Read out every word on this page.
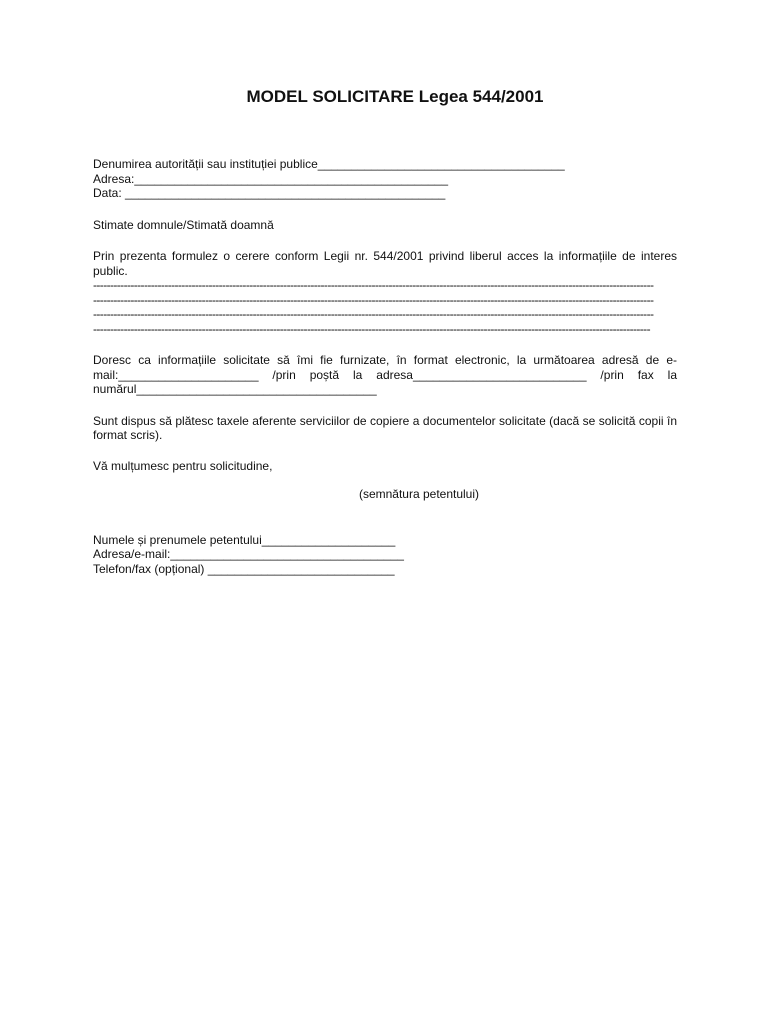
MODEL SOLICITARE Legea 544/2001
Denumirea autorității sau instituției publice_____________________________________
Adresa:_______________________________________________
Data: ________________________________________________
Stimate domnule/Stimată doamnă
Prin prezenta formulez o cerere conform Legii nr. 544/2001 privind liberul acces la informațiile de interes public.
---------------------------------------------------------------------------------------------------------------------------------------------------------------------
---------------------------------------------------------------------------------------------------------------------------------------------------------------------
---------------------------------------------------------------------------------------------------------------------------------------------------------------------
--------------------------------------------------------------------------------------------------------------------------------------------------------------------
Doresc ca informațiile solicitate să îmi fie furnizate, în format electronic, la următoarea adresă de e-mail:_____________________ /prin poștă la adresa__________________________ /prin fax la numărul____________________________________
Sunt dispus să plătesc taxele aferente serviciilor de copiere a documentelor solicitate (dacă se solicită copii în format scris).
Vă mulțumesc pentru solicitudine,
(semnătura petentului)
Numele și prenumele petentului____________________
Adresa/e-mail:___________________________________
Telefon/fax (opțional) ____________________________
